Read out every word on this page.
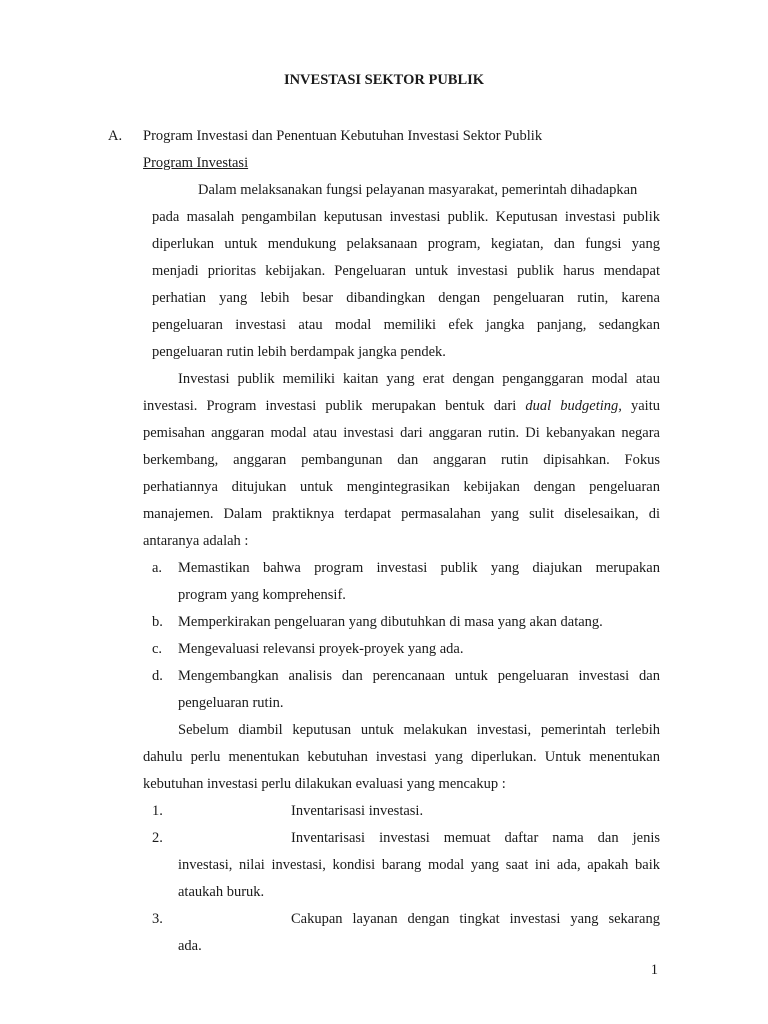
INVESTASI SEKTOR PUBLIK
A. Program Investasi dan Penentuan Kebutuhan Investasi Sektor Publik
Program Investasi
Dalam melaksanakan fungsi pelayanan masyarakat, pemerintah dihadapkan
pada masalah pengambilan keputusan investasi publik. Keputusan investasi publik
diperlukan untuk mendukung pelaksanaan program, kegiatan, dan fungsi yang
menjadi prioritas kebijakan. Pengeluaran untuk investasi publik harus mendapat
perhatian yang lebih besar dibandingkan dengan pengeluaran rutin, karena
pengeluaran investasi atau modal memiliki efek jangka panjang, sedangkan
pengeluaran rutin lebih berdampak jangka pendek.
Investasi publik memiliki kaitan yang erat dengan penganggaran modal atau
investasi. Program investasi publik merupakan bentuk dari dual budgeting, yaitu
pemisahan anggaran modal atau investasi dari anggaran rutin. Di kebanyakan negara
berkembang, anggaran pembangunan dan anggaran rutin dipisahkan. Fokus
perhatiannya ditujukan untuk mengintegrasikan kebijakan dengan pengeluaran
manajemen. Dalam praktiknya terdapat permasalahan yang sulit diselesaikan, di
antaranya adalah :
a. Memastikan bahwa program investasi publik yang diajukan merupakan
program yang komprehensif.
b. Memperkirakan pengeluaran yang dibutuhkan di masa yang akan datang.
c. Mengevaluasi relevansi proyek-proyek yang ada.
d. Mengembangkan analisis dan perencanaan untuk pengeluaran investasi dan
pengeluaran rutin.
Sebelum diambil keputusan untuk melakukan investasi, pemerintah terlebih
dahulu perlu menentukan kebutuhan investasi yang diperlukan. Untuk menentukan
kebutuhan investasi perlu dilakukan evaluasi yang mencakup :
1.	Inventarisasi investasi.
2.	Inventarisasi investasi memuat daftar nama dan jenis
investasi, nilai investasi, kondisi barang modal yang saat ini ada, apakah baik
ataukah buruk.
3.	Cakupan layanan dengan tingkat investasi yang sekarang
ada.
1
